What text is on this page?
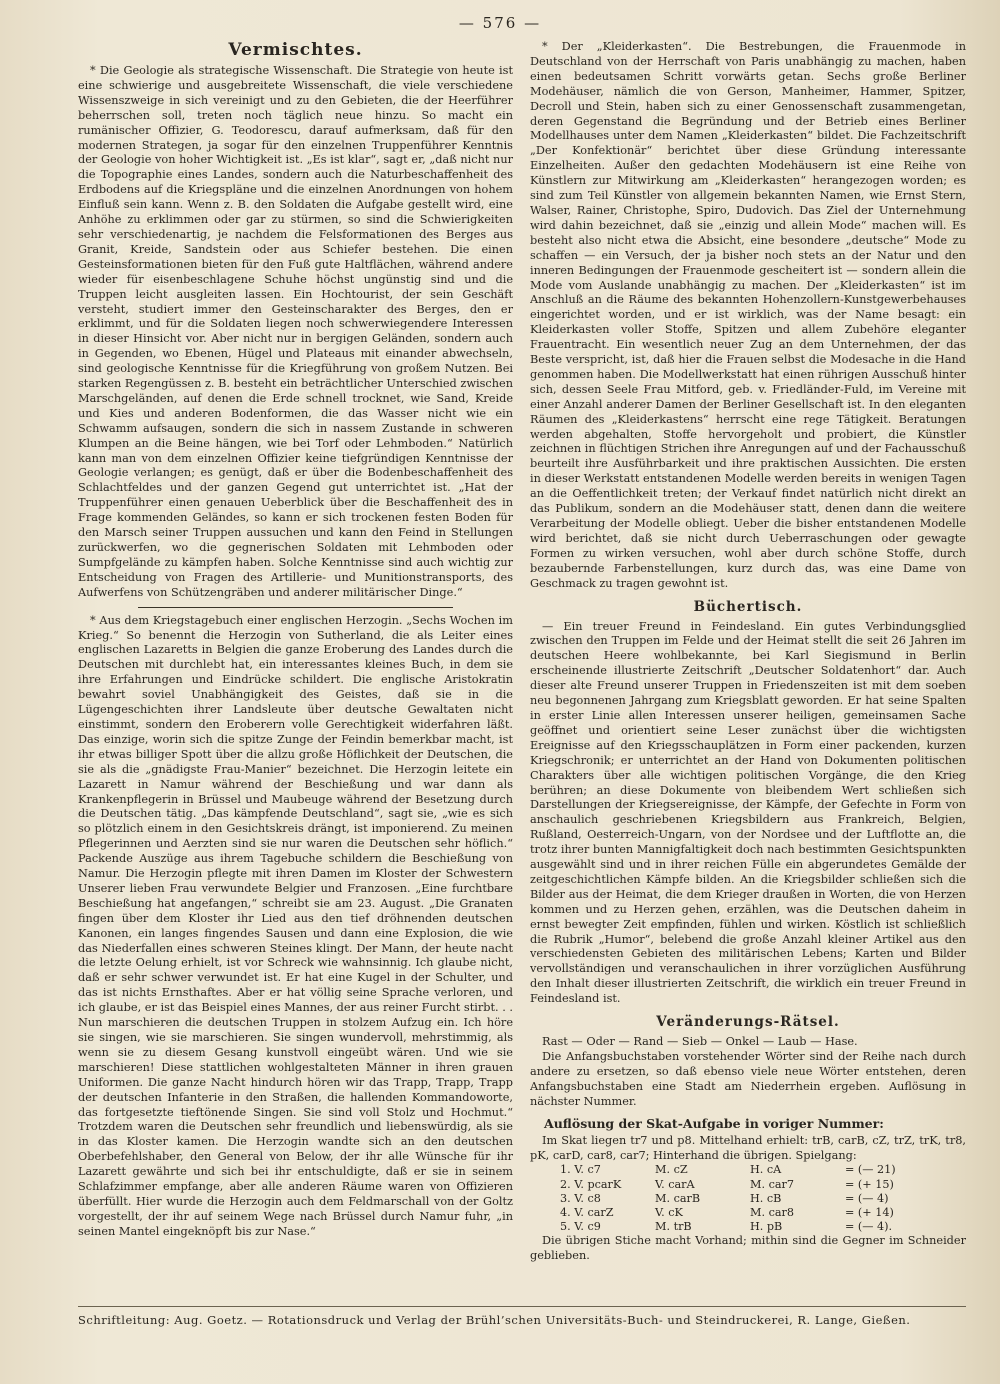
— 576 —
Vermischtes.

* Die Geologie als strategische Wissenschaft. Die Strategie von heute ist eine schwierige und ausgebreitete Wissenschaft, die viele verschiedene Wissenszweige in sich vereinigt und zu den Gebieten, die der Heerführer beherrschen soll, treten noch täglich neue hinzu. So macht ein rumänischer Offizier, G. Teodorescu, darauf aufmerksam, daß für den modernen Strategen, ja sogar für den einzelnen Truppenführer Kenntnis der Geologie von hoher Wichtigkeit ist. „Es ist klar“, sagt er, „daß nicht nur die Topographie eines Landes, sondern auch die Naturbeschaffenheit des Erdbodens auf die Kriegspläne und die einzelnen Anordnungen von hohem Einfluß sein kann. Wenn z. B. den Soldaten die Aufgabe gestellt wird, eine Anhöhe zu erklimmen oder gar zu stürmen, so sind die Schwierigkeiten sehr verschiedenartig, je nachdem die Felsformationen des Berges aus Granit, Kreide, Sandstein oder aus Schiefer bestehen. Die einen Gesteinsformationen bieten für den Fuß gute Haltflächen, während andere wieder für eisenbeschlagene Schuhe höchst ungünstig sind und die Truppen leicht ausgleiten lassen. Ein Hochtourist, der sein Geschäft versteht, studiert immer den Gesteinscharakter des Berges, den er erklimmt, und für die Soldaten liegen noch schwerwiegendere Interessen in dieser Hinsicht vor. Aber nicht nur in bergigen Geländen, sondern auch in Gegenden, wo Ebenen, Hügel und Plateaus mit einander abwechseln, sind geologische Kenntnisse für die Kriegführung von großem Nutzen. Bei starken Regengüssen z. B. besteht ein beträchtlicher Unterschied zwischen Marschgeländen, auf denen die Erde schnell trocknet, wie Sand, Kreide und Kies und anderen Bodenformen, die das Wasser nicht wie ein Schwamm aufsaugen, sondern die sich in nassem Zustande in schweren Klumpen an die Beine hängen, wie bei Torf oder Lehmboden.“ Natürlich kann man von dem einzelnen Offizier keine tiefgründigen Kenntnisse der Geologie verlangen; es genügt, daß er über die Bodenbeschaffenheit des Schlachtfeldes und der ganzen Gegend gut unterrichtet ist. „Hat der Truppenführer einen genauen Ueberblick über die Beschaffenheit des in Frage kommenden Geländes, so kann er sich trockenen festen Boden für den Marsch seiner Truppen aussuchen und kann den Feind in Stellungen zurückwerfen, wo die gegnerischen Soldaten mit Lehmboden oder Sumpfgelände zu kämpfen haben. Solche Kenntnisse sind auch wichtig zur Entscheidung von Fragen des Artillerie- und Munitionstransports, des Aufwerfens von Schützengräben und anderer militärischer Dinge.“

* Aus dem Kriegstagebuch einer englischen Herzogin. „Sechs Wochen im Krieg.“ So benennt die Herzogin von Sutherland, die als Leiter eines englischen Lazaretts in Belgien die ganze Eroberung des Landes durch die Deutschen mit durchlebt hat, ein interessantes kleines Buch, in dem sie ihre Erfahrungen und Eindrücke schildert. Die englische Aristokratin bewahrt soviel Unabhängigkeit des Geistes, daß sie in die Lügengeschichten ihrer Landsleute über deutsche Gewaltaten nicht einstimmt, sondern den Eroberern volle Gerechtigkeit widerfahren läßt. Das einzige, worin sich die spitze Zunge der Feindin bemerkbar macht, ist ihr etwas billiger Spott über die allzu große Höflichkeit der Deutschen, die sie als die „gnädigste Frau-Manier“ bezeichnet. Die Herzogin leitete ein Lazarett in Namur während der Beschießung und war dann als Krankenpflegerin in Brüssel und Maubeuge während der Besetzung durch die Deutschen tätig. „Das kämpfende Deutschland“, sagt sie, „wie es sich so plötzlich einem in den Gesichtskreis drängt, ist imponierend. Zu meinen Pflegerinnen und Aerzten sind sie nur waren die Deutschen sehr höflich.“ Packende Auszüge aus ihrem Tagebuche schildern die Beschießung von Namur. Die Herzogin pflegte mit ihren Damen im Kloster der Schwestern Unserer lieben Frau verwundete Belgier und Franzosen. „Eine furchtbare Beschießung hat angefangen,“ schreibt sie am 23. August. „Die Granaten fingen über dem Kloster ihr Lied aus den tief dröhnenden deutschen Kanonen, ein langes fingendes Sausen und dann eine Explosion, die wie das Niederfallen eines schweren Steines klingt. Der Mann, der heute nacht die letzte Oelung erhielt, ist vor Schreck wie wahnsinnig. Ich glaube nicht, daß er sehr schwer verwundet ist. Er hat eine Kugel in der Schulter, und das ist nichts Ernsthaftes. Aber er hat völlig seine Sprache verloren, und ich glaube, er ist das Beispiel eines Mannes, der aus reiner Furcht stirbt. . . Nun marschieren die deutschen Truppen in stolzem Aufzug ein. Ich höre sie singen, wie sie marschieren. Sie singen wundervoll, mehrstimmig, als wenn sie zu diesem Gesang kunstvoll eingeübt wären. Und wie sie marschieren! Diese stattlichen wohlgestalteten Männer in ihren grauen Uniformen. Die ganze Nacht hindurch hören wir das Trapp, Trapp, Trapp der deutschen Infanterie in den Straßen, die hallenden Kommandoworte, das fortgesetzte tieftönende Singen. Sie sind voll Stolz und Hochmut.“ Trotzdem waren die Deutschen sehr freundlich und liebenswürdig, als sie in das Kloster kamen. Die Herzogin wandte sich an den deutschen Oberbefehlshaber, den General von Below, der ihr alle Wünsche für ihr Lazarett gewährte und sich bei ihr entschuldigte, daß er sie in seinem Schlafzimmer empfange, aber alle anderen Räume waren von Offizieren überfüllt. Hier wurde die Herzogin auch dem Feldmarschall von der Goltz vorgestellt, der ihr auf seinem Wege nach Brüssel durch Namur fuhr, „in seinen Mantel eingeknöpft bis zur Nase.“

* Der „Kleiderkasten“. Die Bestrebungen, die Frauenmode in Deutschland von der Herrschaft von Paris unabhängig zu machen, haben einen bedeutsamen Schritt vorwärts getan. Sechs große Berliner Modehäuser, nämlich die von Gerson, Manheimer, Hammer, Spitzer, Decroll und Stein, haben sich zu einer Genossenschaft zusammengetan, deren Gegenstand die Begründung und der Betrieb eines Berliner Modellhauses unter dem Namen „Kleiderkasten“ bildet. Die Fachzeitschrift „Der Konfektionär“ berichtet über diese Gründung interessante Einzelheiten. Außer den gedachten Modehäusern ist eine Reihe von Künstlern zur Mitwirkung am „Kleiderkasten“ herangezogen worden; es sind zum Teil Künstler von allgemein bekannten Namen, wie Ernst Stern, Walser, Rainer, Christophe, Spiro, Dudovich. Das Ziel der Unternehmung wird dahin bezeichnet, daß sie „einzig und allein Mode“ machen will. Es besteht also nicht etwa die Absicht, eine besondere „deutsche“ Mode zu schaffen — ein Versuch, der ja bisher noch stets an der Natur und den inneren Bedingungen der Frauenmode gescheitert ist — sondern allein die Mode vom Auslande unabhängig zu machen. Der „Kleiderkasten“ ist im Anschluß an die Räume des bekannten Hohenzollern-Kunstgewerbehauses eingerichtet worden, und er ist wirklich, was der Name besagt: ein Kleiderkasten voller Stoffe, Spitzen und allem Zubehöre eleganter Frauentracht. Ein wesentlich neuer Zug an dem Unternehmen, der das Beste verspricht, ist, daß hier die Frauen selbst die Modesache in die Hand genommen haben. Die Modellwerkstatt hat einen rührigen Ausschuß hinter sich, dessen Seele Frau Mitford, geb. v. Friedländer-Fuld, im Vereine mit einer Anzahl anderer Damen der Berliner Gesellschaft ist. In den eleganten Räumen des „Kleiderkastens“ herrscht eine rege Tätigkeit. Beratungen werden abgehalten, Stoffe hervorgeholt und probiert, die Künstler zeichnen in flüchtigen Strichen ihre Anregungen auf und der Fachausschuß beurteilt ihre Ausführbarkeit und ihre praktischen Aussichten. Die ersten in dieser Werkstatt entstandenen Modelle werden bereits in wenigen Tagen an die Oeffentlichkeit treten; der Verkauf findet natürlich nicht direkt an das Publikum, sondern an die Modehäuser statt, denen dann die weitere Verarbeitung der Modelle obliegt. Ueber die bisher entstandenen Modelle wird berichtet, daß sie nicht durch Ueberraschungen oder gewagte Formen zu wirken versuchen, wohl aber durch schöne Stoffe, durch bezaubernde Farbenstellungen, kurz durch das, was eine Dame von Geschmack zu tragen gewohnt ist.

Büchertisch.

— Ein treuer Freund in Feindesland. Ein gutes Verbindungsglied zwischen den Truppen im Felde und der Heimat stellt die seit 26 Jahren im deutschen Heere wohlbekannte, bei Karl Siegismund in Berlin erscheinende illustrierte Zeitschrift „Deutscher Soldatenhort“ dar. Auch dieser alte Freund unserer Truppen in Friedenszeiten ist mit dem soeben neu begonnenen Jahrgang zum Kriegsblatt geworden. Er hat seine Spalten in erster Linie allen Interessen unserer heiligen, gemeinsamen Sache geöffnet und orientiert seine Leser zunächst über die wichtigsten Ereignisse auf den Kriegsschauplätzen in Form einer packenden, kurzen Kriegschronik; er unterrichtet an der Hand von Dokumenten politischen Charakters über alle wichtigen politischen Vorgänge, die den Krieg berühren; an diese Dokumente von bleibendem Wert schließen sich Darstellungen der Kriegsereignisse, der Kämpfe, der Gefechte in Form von anschaulich geschriebenen Kriegsbildern aus Frankreich, Belgien, Rußland, Oesterreich-Ungarn, von der Nordsee und der Luftflotte an, die trotz ihrer bunten Mannigfaltigkeit doch nach bestimmten Gesichtspunkten ausgewählt sind und in ihrer reichen Fülle ein abgerundetes Gemälde der zeitgeschichtlichen Kämpfe bilden. An die Kriegsbilder schließen sich die Bilder aus der Heimat, die dem Krieger draußen in Worten, die von Herzen kommen und zu Herzen gehen, erzählen, was die Deutschen daheim in ernst bewegter Zeit empfinden, fühlen und wirken. Köstlich ist schließlich die Rubrik „Humor“, belebend die große Anzahl kleiner Artikel aus den verschiedensten Gebieten des militärischen Lebens; Karten und Bilder vervollständigen und veranschaulichen in ihrer vorzüglichen Ausführung den Inhalt dieser illustrierten Zeitschrift, die wirklich ein treuer Freund in Feindesland ist.

Veränderungs-Rätsel.

Rast — Oder — Rand — Sieb — Onkel — Laub — Hase.

Die Anfangsbuchstaben vorstehender Wörter sind der Reihe nach durch andere zu ersetzen, so daß ebenso viele neue Wörter entstehen, deren Anfangsbuchstaben eine Stadt am Niederrhein ergeben. Auflösung in nächster Nummer.

Auflösung der Skat-Aufgabe in voriger Nummer:

Im Skat liegen tr7 und p8. Mittelhand erhielt: trB, carB, cZ, trZ, trK, tr8, pK, carD, car8, car7; Hinterhand die übrigen. Spielgang:

1. V. c7	M. cZ	H. cA	= (— 21)
2. V. pcarK	V. carA	M. car7	= (+ 15)
3. V. c8	M. carB	H. cB	= (— 4)
4. V. carZ	V. cK	M. car8	= (+ 14)
5. V. c9	M. trB	H. pB	= (— 4).

Die übrigen Stiche macht Vorhand; mithin sind die Gegner im Schneider geblieben.

Schriftleitung: Aug. Goetz. — Rotationsdruck und Verlag der Brühl’schen Universitäts-Buch- und Steindruckerei, R. Lange, Gießen.
